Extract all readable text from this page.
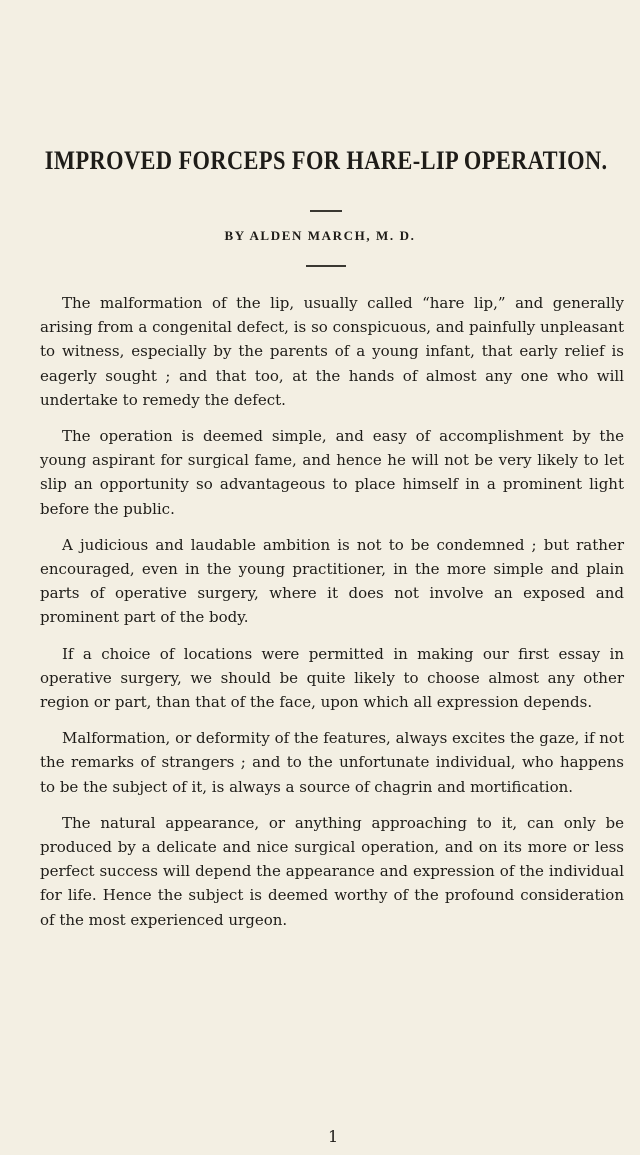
IMPROVED FORCEPS FOR HARE-LIP OPERATION.
BY ALDEN MARCH, M. D.

The malformation of the lip, usually called “hare lip,” and generally arising from a congenital defect, is so conspicuous, and painfully unpleasant to witness, especially by the parents of a young infant, that early relief is eagerly sought ; and that too, at the hands of almost any one who will undertake to remedy the defect.

The operation is deemed simple, and easy of accomplishment by the young aspirant for surgical fame, and hence he will not be very likely to let slip an opportunity so advantageous to place himself in a prominent light before the public.

A judicious and laudable ambition is not to be condemned ; but rather encouraged, even in the young practitioner, in the more simple and plain parts of operative surgery, where it does not involve an exposed and prominent part of the body.

If a choice of locations were permitted in making our first essay in operative surgery, we should be quite likely to choose almost any other region or part, than that of the face, upon which all expression depends.

Malformation, or deformity of the features, always excites the gaze, if not the remarks of strangers ; and to the unfortunate individual, who happens to be the subject of it, is always a source of chagrin and mortification.

The natural appearance, or anything approaching to it, can only be produced by a delicate and nice surgical operation, and on its more or less perfect success will depend the appearance and expression of the individual for life. Hence the subject is deemed worthy of the profound consideration of the most experienced urgeon.

1
